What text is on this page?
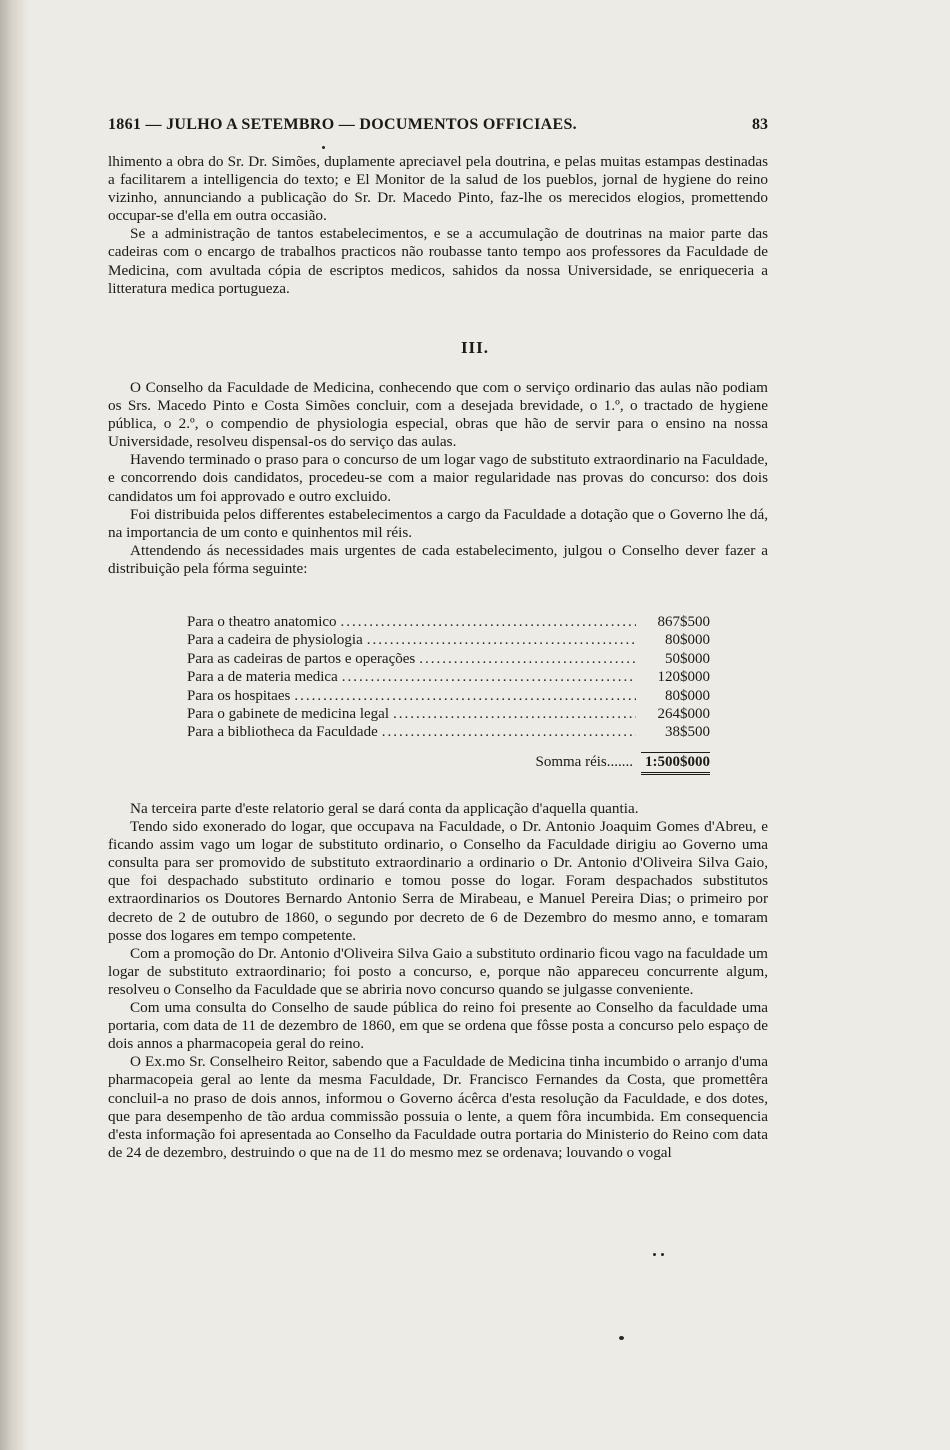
1861 — JULHO A SETEMBRO — DOCUMENTOS OFFICIAES.	83

lhimento a obra do Sr. Dr. Simões, duplamente apreciavel pela doutrina, e pelas muitas estampas destinadas a facilitarem a intelligencia do texto; e El Monitor de la salud de los pueblos, jornal de hygiene do reino vizinho, annunciando a publicação do Sr. Dr. Macedo Pinto, faz-lhe os merecidos elogios, promettendo occupar-se d'ella em outra occasião.

Se a administração de tantos estabelecimentos, e se a accumulação de doutrinas na maior parte das cadeiras com o encargo de trabalhos practicos não roubasse tanto tempo aos professores da Faculdade de Medicina, com avultada cópia de escriptos medicos, sahidos da nossa Universidade, se enriqueceria a litteratura medica portugueza.

III.

O Conselho da Faculdade de Medicina, conhecendo que com o serviço ordinario das aulas não podiam os Srs. Macedo Pinto e Costa Simões concluir, com a desejada brevidade, o 1.º, o tractado de hygiene pública, o 2.º, o compendio de physiologia especial, obras que hão de servir para o ensino na nossa Universidade, resolveu dispensal-os do serviço das aulas.

Havendo terminado o praso para o concurso de um logar vago de substituto extraordinario na Faculdade, e concorrendo dois candidatos, procedeu-se com a maior regularidade nas provas do concurso: dos dois candidatos um foi approvado e outro excluido.

Foi distribuida pelos differentes estabelecimentos a cargo da Faculdade a dotação que o Governo lhe dá, na importancia de um conto e quinhentos mil réis.

Attendendo ás necessidades mais urgentes de cada estabelecimento, julgou o Conselho dever fazer a distribuição pela fórma seguinte:

Para o theatro anatomico .....	867$500
Para a cadeira de physiologia .....	80$000
Para as cadeiras de partos e operações .....	50$000
Para a de materia medica .....	120$000
Para os hospitaes .....	80$000
Para o gabinete de medicina legal .....	264$000
Para a bibliotheca da Faculdade .....	38$500
Somma réis....... 1:500$000

Na terceira parte d'este relatorio geral se dará conta da applicação d'aquella quantia.

Tendo sido exonerado do logar, que occupava na Faculdade, o Dr. Antonio Joaquim Gomes d'Abreu, e ficando assim vago um logar de substituto ordinario, o Conselho da Faculdade dirigiu ao Governo uma consulta para ser promovido de substituto extraordinario a ordinario o Dr. Antonio d'Oliveira Silva Gaio, que foi despachado substituto ordinario e tomou posse do logar. Foram despachados substitutos extraordinarios os Doutores Bernardo Antonio Serra de Mirabeau, e Manuel Pereira Dias; o primeiro por decreto de 2 de outubro de 1860, o segundo por decreto de 6 de Dezembro do mesmo anno, e tomaram posse dos logares em tempo competente.

Com a promoção do Dr. Antonio d'Oliveira Silva Gaio a substituto ordinario ficou vago na faculdade um logar de substituto extraordinario; foi posto a concurso, e, porque não appareceu concurrente algum, resolveu o Conselho da Faculdade que se abriria novo concurso quando se julgasse conveniente.

Com uma consulta do Conselho de saude pública do reino foi presente ao Conselho da faculdade uma portaria, com data de 11 de dezembro de 1860, em que se ordena que fôsse posta a concurso pelo espaço de dois annos a pharmacopeia geral do reino.

O Ex.mo Sr. Conselheiro Reitor, sabendo que a Faculdade de Medicina tinha incumbido o arranjo d'uma pharmacopeia geral ao lente da mesma Faculdade, Dr. Francisco Fernandes da Costa, que promettêra concluil-a no praso de dois annos, informou o Governo ácêrca d'esta resolução da Faculdade, e dos dotes, que para desempenho de tão ardua commissão possuia o lente, a quem fôra incumbida. Em consequencia d'esta informação foi apresentada ao Conselho da Faculdade outra portaria do Ministerio do Reino com data de 24 de dezembro, destruindo o que na de 11 do mesmo mez se ordenava; louvando o vogal
